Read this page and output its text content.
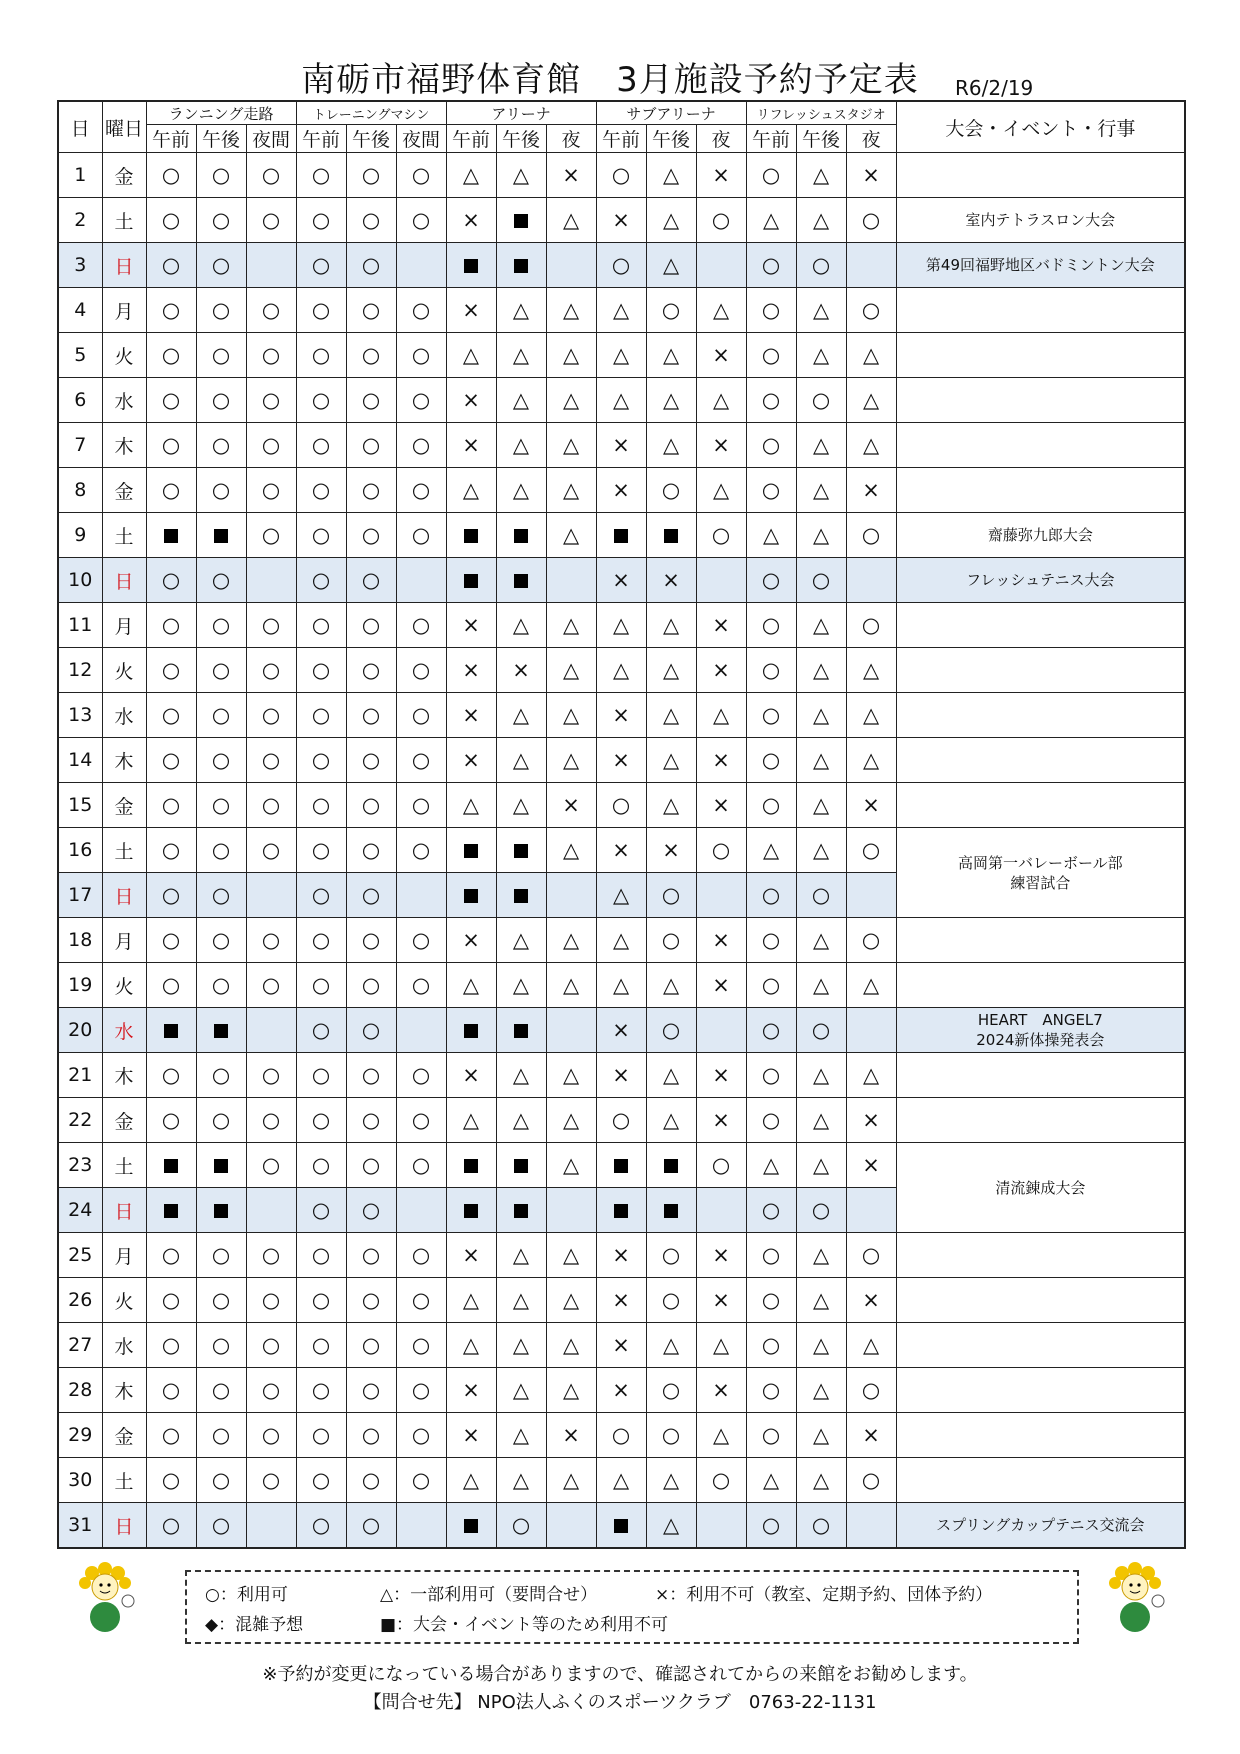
南砺市福野体育館　3月施設予約予定表	R6/2/19
日	曜日	ランニング走路			トレーニングマシン			アリーナ			サブアリーナ			リフレッシュスタジオ			大会・イベント・行事
		午前	午後	夜間	午前	午後	夜間	午前	午後	夜	午前	午後	夜	午前	午後	夜	
1	金	○	○	○	○	○	○	△	△	×	○	△	×	○	△	×	
2	土	○	○	○	○	○	○	×		△	×	△	○	△	△	○	室内テトラスロン大会

3	日	○	○		○	○					○	△		○	○		第49回福野地区バドミントン大会

4	月	○	○	○	○	○	○	×	△	△	△	○	△	○	△	○	
5	火	○	○	○	○	○	○	△	△	△	△	△	×	○	△	△	
6	水	○	○	○	○	○	○	×	△	△	△	△	△	○	○	△	
7	木	○	○	○	○	○	○	×	△	△	×	△	×	○	△	△	
8	金	○	○	○	○	○	○	△	△	△	×	○	△	○	△	×	
9	土			○	○	○	○			△			○	△	△	○	齋藤弥九郎大会

10	日	○	○		○	○					×	×		○	○		フレッシュテニス大会

11	月	○	○	○	○	○	○	×	△	△	△	△	×	○	△	○	
12	火	○	○	○	○	○	○	×	×	△	△	△	×	○	△	△	
13	水	○	○	○	○	○	○	×	△	△	×	△	△	○	△	△	
14	木	○	○	○	○	○	○	×	△	△	×	△	×	○	△	△	
15	金	○	○	○	○	○	○	△	△	×	○	△	×	○	△	×	
16	土	○	○	○	○	○	○			△	×	×	○	△	△	○	高岡第一バレーボール部
練習試合

17	日	○	○		○	○					△	○		○	○		
18	月	○	○	○	○	○	○	×	△	△	△	○	×	○	△	○	
19	火	○	○	○	○	○	○	△	△	△	△	△	×	○	△	△	
20	水				○	○					×	○		○	○		HEART　ANGEL7
2024新体操発表会

21	木	○	○	○	○	○	○	×	△	△	×	△	×	○	△	△	
22	金	○	○	○	○	○	○	△	△	△	○	△	×	○	△	×	
23	土			○	○	○	○			△			○	△	△	×	清流錬成大会

24	日				○	○								○	○		
25	月	○	○	○	○	○	○	×	△	△	×	○	×	○	△	○	
26	火	○	○	○	○	○	○	△	△	△	×	○	×	○	△	×	
27	水	○	○	○	○	○	○	△	△	△	×	△	△	○	△	△	
28	木	○	○	○	○	○	○	×	△	△	×	○	×	○	△	○	
29	金	○	○	○	○	○	○	×	△	×	○	○	△	○	△	×	
30	土	○	○	○	○	○	○	△	△	△	△	△	○	△	△	○	
31	日	○	○		○	○			○			△		○	○		スプリングカップテニス交流会
○：利用可	△：一部利用可（要問合せ）	×：利用不可（教室、定期予約、団体予約）
◆：混雑予想	■：大会・イベント等のため利用不可
※予約が変更になっている場合がありますので、確認されてからの来館をお勧めします。
【問合せ先】 NPO法人ふくのスポーツクラブ　0763-22-1131
